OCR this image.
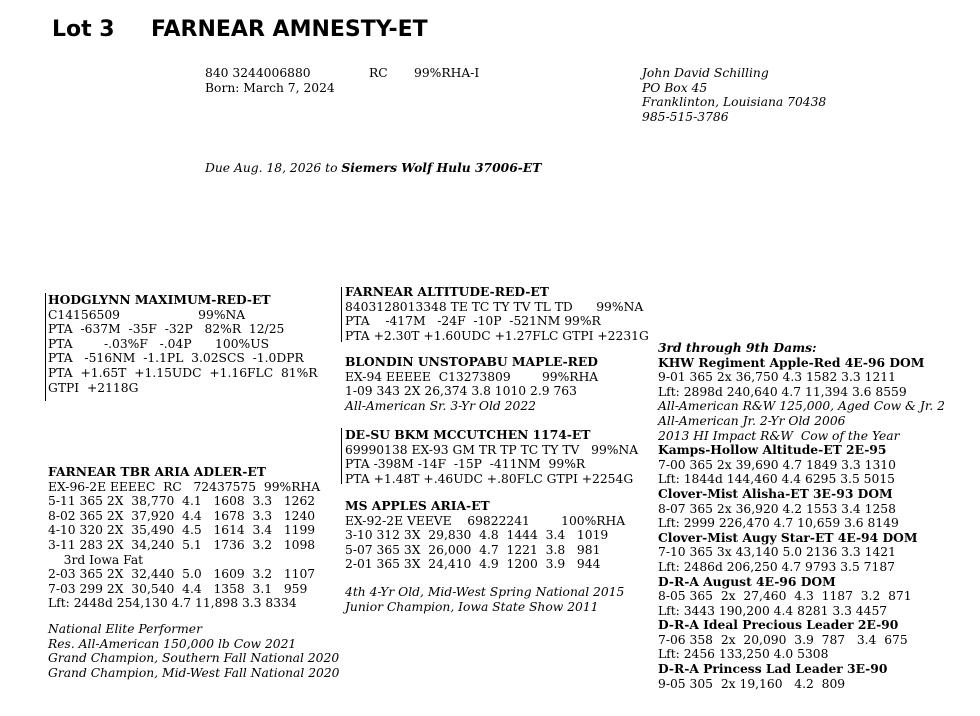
Lot 3 FARNEAR AMNESTY-ET
840 3244006880	RC 99%RHA-I
Born: March 7, 2024
John David Schilling
PO Box 45
Franklinton, Louisiana 70438
985-515-3786
Due Aug. 18, 2026 to Siemers Wolf Hulu 37006-ET
HODGLYNN MAXIMUM-RED-ET
C14156509                    99%NA
PTA  -637M  -35F  -32P   82%R  12/25
PTA        -.03%F   -.04P      100%US
PTA   -516NM  -1.1PL  3.02SCS  -1.0DPR
PTA  +1.65T  +1.15UDC  +1.16FLC  81%R
GTPI  +2118G
FARNEAR TBR ARIA ADLER-ET
EX-96-2E EEEEC  RC   72437575  99%RHA
5-11 365 2X  38,770  4.1   1608  3.3   1262
8-02 365 2X  37,920  4.4   1678  3.3   1240
4-10 320 2X  35,490  4.5   1614  3.4   1199
3-11 283 2X  34,240  5.1   1736  3.2   1098
3rd Iowa Fat
2-03 365 2X  32,440  5.0   1609  3.2   1107
7-03 299 2X  30,540  4.4   1358  3.1   959
Lft: 2448d 254,130 4.7 11,898 3.3 8334
National Elite Performer
Res. All-American 150,000 lb Cow 2021
Grand Champion, Southern Fall National 2020
Grand Champion, Mid-West Fall National 2020
FARNEAR ALTITUDE-RED-ET
8403128013348 TE TC TY TV TL TD      99%NA
PTA    -417M   -24F  -10P  -521NM 99%R
PTA +2.30T +1.60UDC +1.27FLC GTPI +2231G
BLONDIN UNSTOPABU MAPLE-RED
EX-94 EEEEE  C13273809        99%RHA
1-09 343 2X 26,374 3.8 1010 2.9 763
All-American Sr. 3-Yr Old 2022
DE-SU BKM MCCUTCHEN 1174-ET
69990138 EX-93 GM TR TP TC TY TV   99%NA
PTA -398M -14F  -15P  -411NM  99%R
PTA +1.48T +.46UDC +.80FLC GTPI +2254G
MS APPLES ARIA-ET
EX-92-2E VEEVE    69822241        100%RHA
3-10 312 3X  29,830  4.8  1444  3.4   1019
5-07 365 3X  26,000  4.7  1221  3.8   981
2-01 365 3X  24,410  4.9  1200  3.9   944
4th 4-Yr Old, Mid-West Spring National 2015
Junior Champion, Iowa State Show 2011
3rd through 9th Dams:
KHW Regiment Apple-Red 4E-96 DOM
9-01 365 2x 36,750 4.3 1582 3.3 1211
Lft: 2898d 240,640 4.7 11,394 3.6 8559
All-American R&W 125,000, Aged Cow & Jr. 2
All-American Jr. 2-Yr Old 2006
2013 HI Impact R&W  Cow of the Year
Kamps-Hollow Altitude-ET 2E-95
7-00 365 2x 39,690 4.7 1849 3.3 1310
Lft: 1844d 144,460 4.4 6295 3.5 5015
Clover-Mist Alisha-ET 3E-93 DOM
8-07 365 2x 36,920 4.2 1553 3.4 1258
Lft: 2999 226,470 4.7 10,659 3.6 8149
Clover-Mist Augy Star-ET 4E-94 DOM
7-10 365 3x 43,140 5.0 2136 3.3 1421
Lft: 2486d 206,250 4.7 9793 3.5 7187
D-R-A August 4E-96 DOM
8-05 365  2x  27,460  4.3  1187  3.2  871
Lft: 3443 190,200 4.4 8281 3.3 4457
D-R-A Ideal Precious Leader 2E-90
7-06 358  2x  20,090  3.9  787   3.4  675
Lft: 2456 133,250 4.0 5308
D-R-A Princess Lad Leader 3E-90
9-05 305  2x 19,160   4.2  809
